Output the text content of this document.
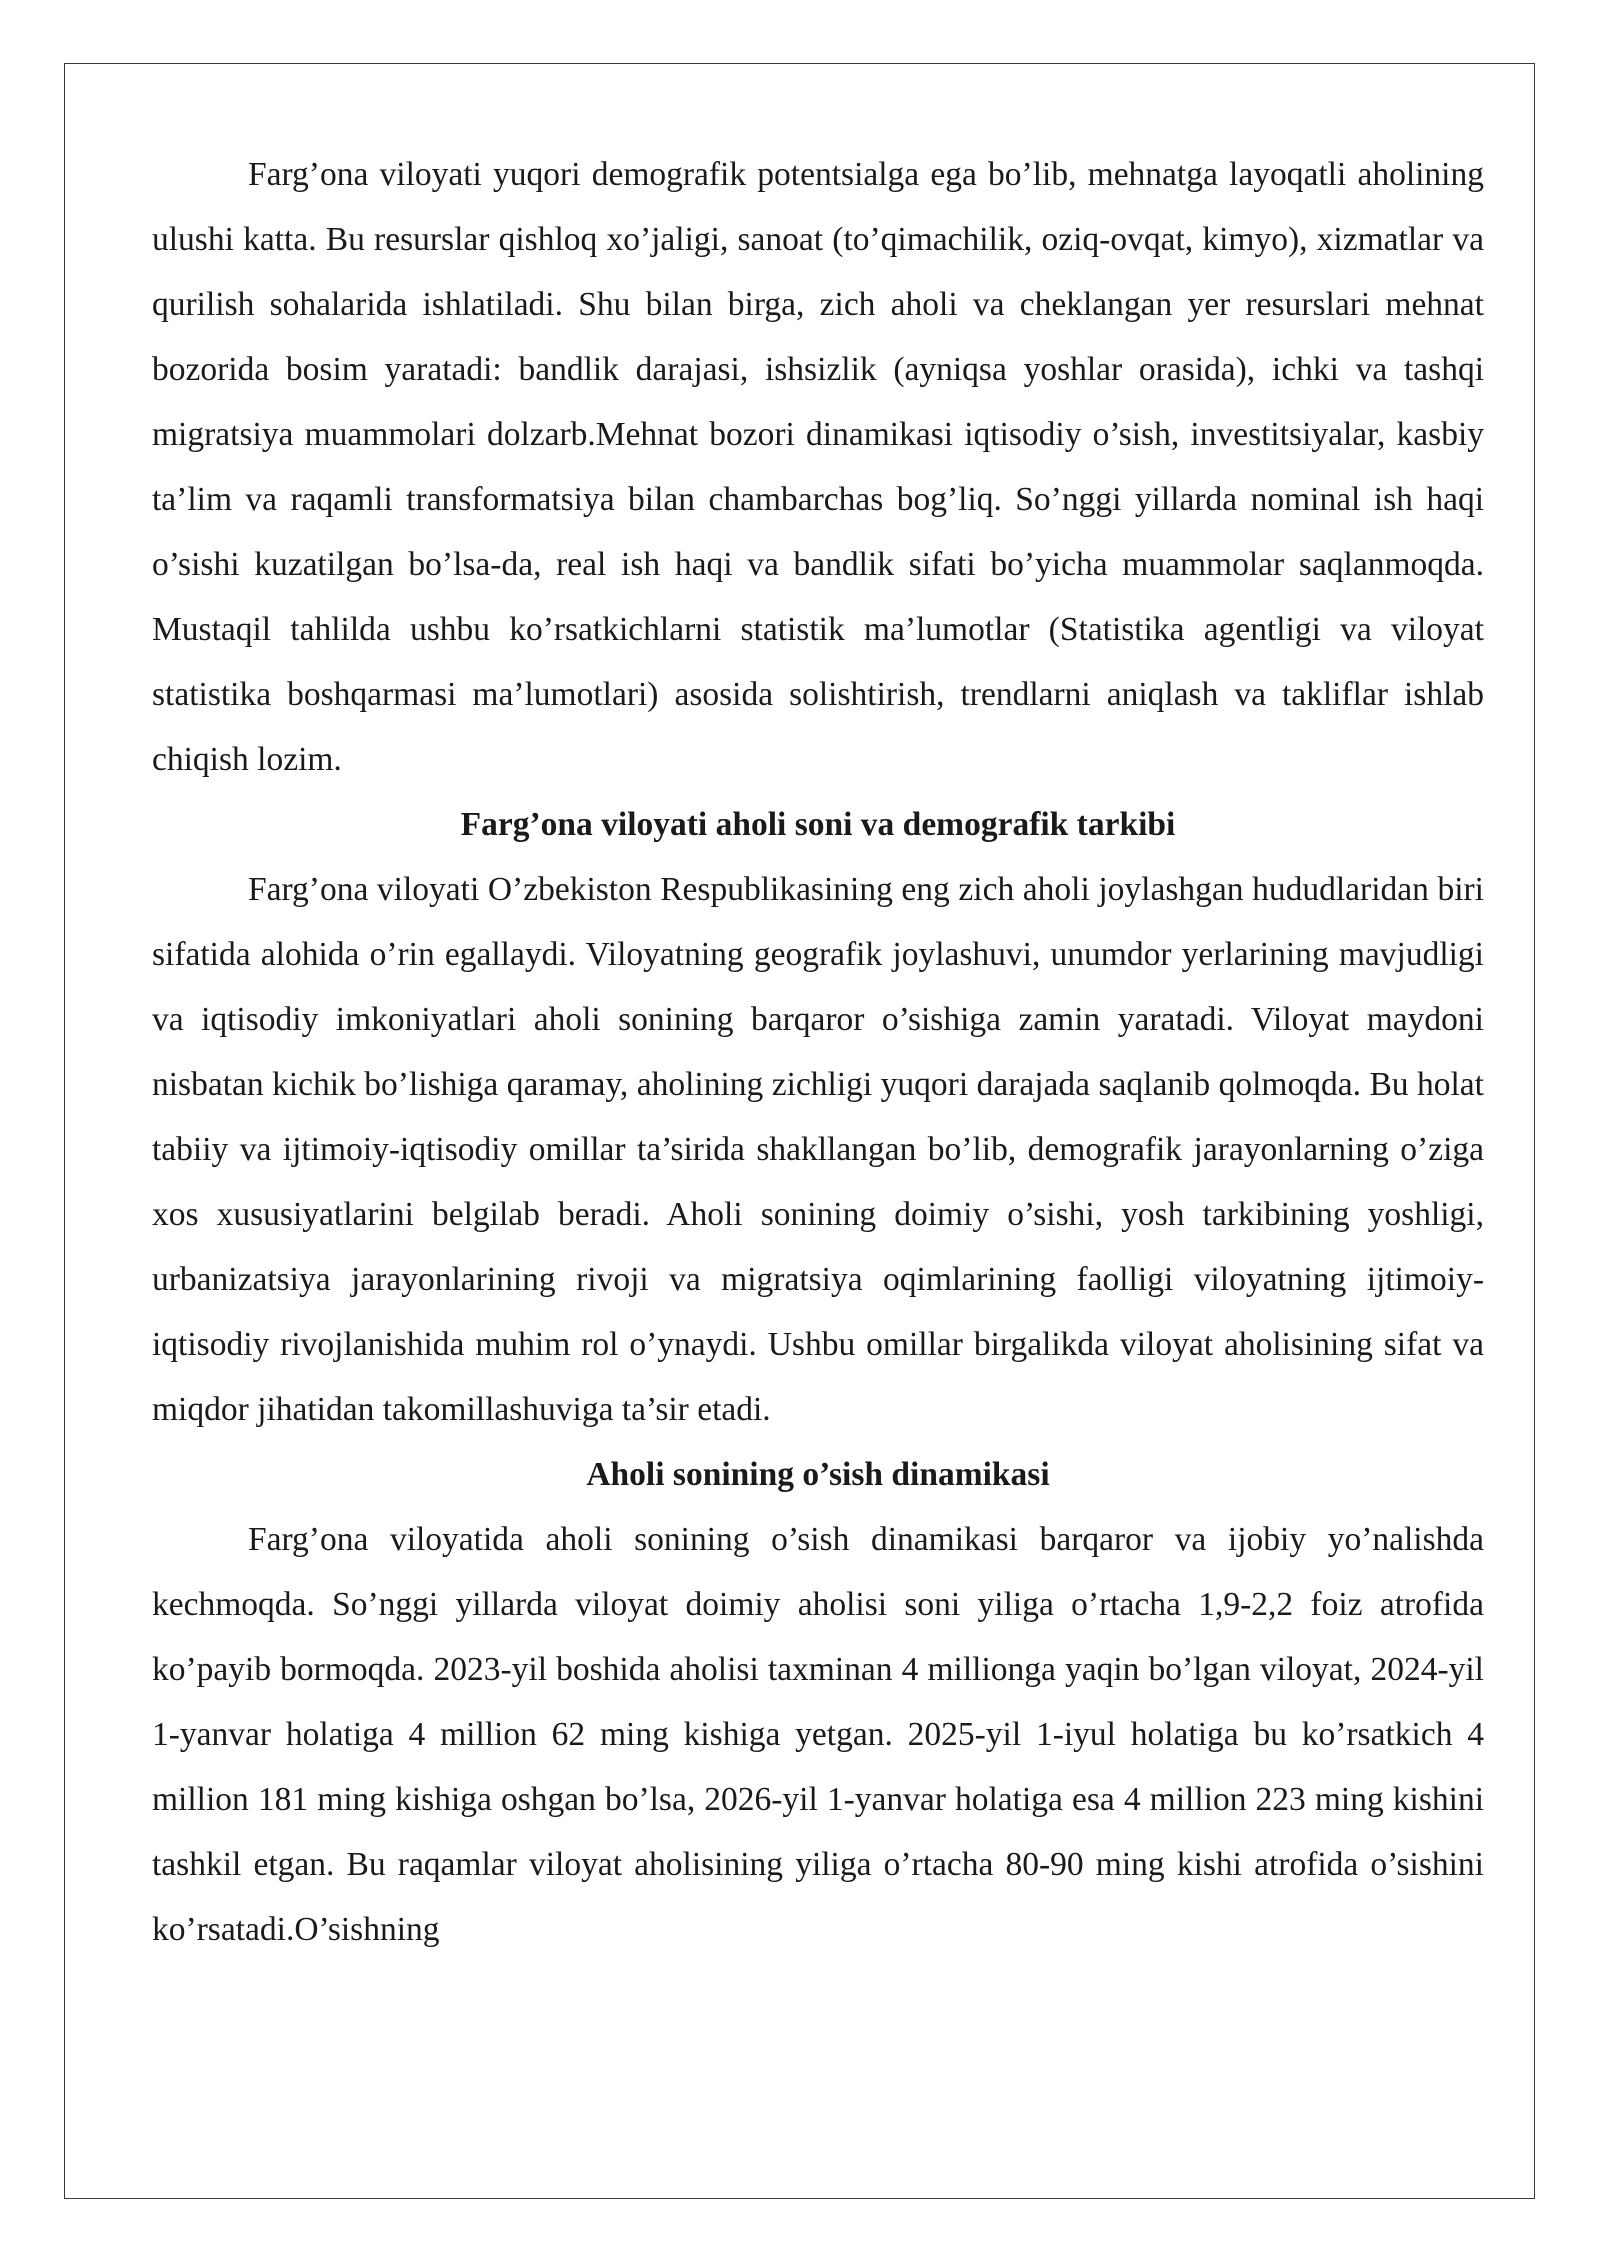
Farg’ona viloyati yuqori demografik potentsialga ega bo’lib, mehnatga layoqatli aholining ulushi katta. Bu resurslar qishloq xo’jaligi, sanoat (to’qimachilik, oziq-ovqat, kimyo), xizmatlar va qurilish sohalarida ishlatiladi. Shu bilan birga, zich aholi va cheklangan yer resurslari mehnat bozorida bosim yaratadi: bandlik darajasi, ishsizlik (ayniqsa yoshlar orasida), ichki va tashqi migratsiya muammolari dolzarb.Mehnat bozori dinamikasi iqtisodiy o’sish, investitsiyalar, kasbiy ta’lim va raqamli transformatsiya bilan chambarchas bog’liq. So’nggi yillarda nominal ish haqi o’sishi kuzatilgan bo’lsa-da, real ish haqi va bandlik sifati bo’yicha muammolar saqlanmoqda. Mustaqil tahlilda ushbu ko’rsatkichlarni statistik ma’lumotlar (Statistika agentligi va viloyat statistika boshqarmasi ma’lumotlari) asosida solishtirish, trendlarni aniqlash va takliflar ishlab chiqish lozim.

Farg’ona viloyati aholi soni va demografik tarkibi

Farg’ona viloyati O’zbekiston Respublikasining eng zich aholi joylashgan hududlaridan biri sifatida alohida o’rin egallaydi. Viloyatning geografik joylashuvi, unumdor yerlarining mavjudligi va iqtisodiy imkoniyatlari aholi sonining barqaror o’sishiga zamin yaratadi. Viloyat maydoni nisbatan kichik bo’lishiga qaramay, aholining zichligi yuqori darajada saqlanib qolmoqda. Bu holat tabiiy va ijtimoiy-iqtisodiy omillar ta’sirida shakllangan bo’lib, demografik jarayonlarning o’ziga xos xususiyatlarini belgilab beradi. Aholi sonining doimiy o’sishi, yosh tarkibining yoshligi, urbanizatsiya jarayonlarining rivoji va migratsiya oqimlarining faolligi viloyatning ijtimoiy-iqtisodiy rivojlanishida muhim rol o’ynaydi. Ushbu omillar birgalikda viloyat aholisining sifat va miqdor jihatidan takomillashuviga ta’sir etadi.

Aholi sonining o’sish dinamikasi

Farg’ona viloyatida aholi sonining o’sish dinamikasi barqaror va ijobiy yo’nalishda kechmoqda. So’nggi yillarda viloyat doimiy aholisi soni yiliga o’rtacha 1,9-2,2 foiz atrofida ko’payib bormoqda. 2023-yil boshida aholisi taxminan 4 millionga yaqin bo’lgan viloyat, 2024-yil 1-yanvar holatiga 4 million 62 ming kishiga yetgan. 2025-yil 1-iyul holatiga bu ko’rsatkich 4 million 181 ming kishiga oshgan bo’lsa, 2026-yil 1-yanvar holatiga esa 4 million 223 ming kishini tashkil etgan. Bu raqamlar viloyat aholisining yiliga o’rtacha 80-90 ming kishi atrofida o’sishini ko’rsatadi.O’sishning
